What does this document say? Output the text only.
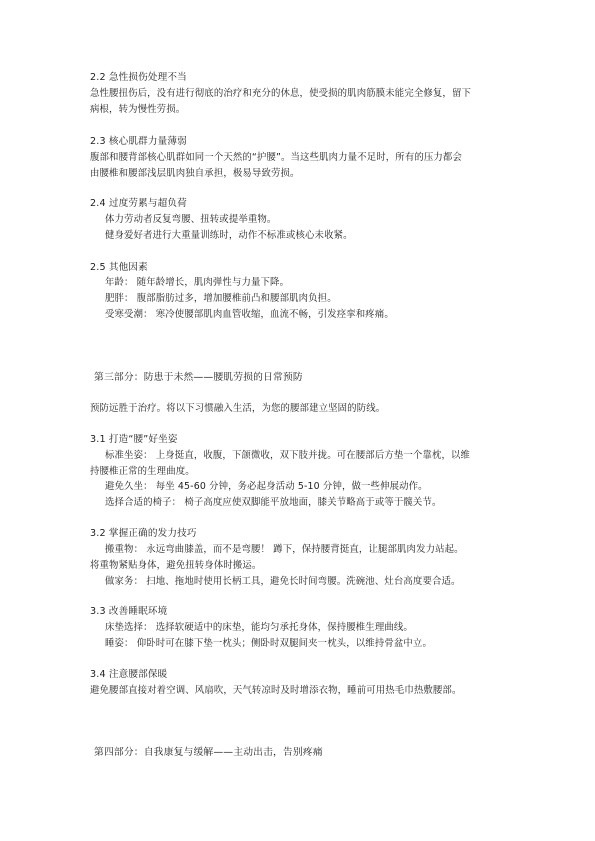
2.2 急性损伤处理不当
急性腰扭伤后，没有进行彻底的治疗和充分的休息，使受损的肌肉筋膜未能完全修复，留下
病根，转为慢性劳损。
2.3 核心肌群力量薄弱
腹部和腰背部核心肌群如同一个天然的“护腰”。当这些肌肉力量不足时，所有的压力都会
由腰椎和腰部浅层肌肉独自承担，极易导致劳损。
2.4 过度劳累与超负荷
体力劳动者反复弯腰、扭转或提举重物。
健身爱好者进行大重量训练时，动作不标准或核心未收紧。
2.5 其他因素
年龄： 随年龄增长，肌肉弹性与力量下降。
肥胖： 腹部脂肪过多，增加腰椎前凸和腰部肌肉负担。
受寒受潮： 寒冷使腰部肌肉血管收缩，血流不畅，引发痉挛和疼痛。
第三部分：防患于未然——腰肌劳损的日常预防
预防远胜于治疗。将以下习惯融入生活，为您的腰部建立坚固的防线。
3.1 打造“腰”好坐姿
标准坐姿： 上身挺直，收腹，下颌微收，双下肢并拢。可在腰部后方垫一个靠枕，以维
持腰椎正常的生理曲度。
避免久坐： 每坐 45-60 分钟，务必起身活动 5-10 分钟，做一些伸展动作。
选择合适的椅子： 椅子高度应使双脚能平放地面，膝关节略高于或等于髋关节。
3.2 掌握正确的发力技巧
搬重物： 永远弯曲膝盖，而不是弯腰！ 蹲下，保持腰背挺直，让腿部肌肉发力站起。
将重物紧贴身体，避免扭转身体时搬运。
做家务： 扫地、拖地时使用长柄工具，避免长时间弯腰。洗碗池、灶台高度要合适。
3.3 改善睡眠环境
床垫选择： 选择软硬适中的床垫，能均匀承托身体，保持腰椎生理曲线。
睡姿： 仰卧时可在膝下垫一枕头；侧卧时双腿间夹一枕头，以维持骨盆中立。
3.4 注意腰部保暖
避免腰部直接对着空调、风扇吹，天气转凉时及时增添衣物，睡前可用热毛巾热敷腰部。
第四部分：自我康复与缓解——主动出击，告别疼痛
